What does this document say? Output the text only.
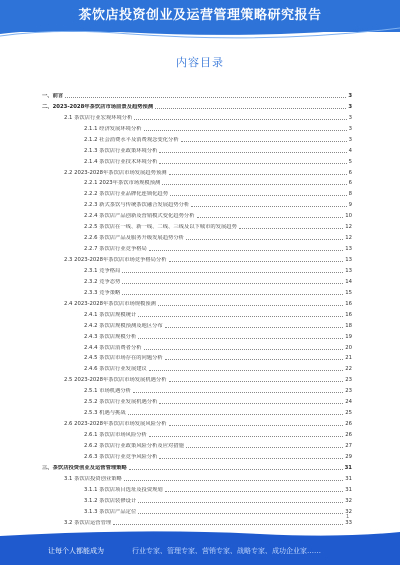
茶饮店投资创业及运营管理策略研究报告
内容目录
一、前言	3
二、2023-2028年茶饮店市场前景及趋势预测	3
2.1 茶饮店行业宏观环境分析	3
2.1.1 经济发展环境分析	3
2.1.2 社会消费水平及消费观念变化分析	3
2.1.3 茶饮店行业政策环境分析	4
2.1.4 茶饮店行业技术环境分析	5
2.2 2023-2028年茶饮店市场发展趋势预测	6
2.2.1 2023年茶饮市场规模预测	6
2.2.2 茶饮店行业品牌化连锁化趋势	8
2.2.3 新式茶饮与传统茶饮融合发展趋势分析	9
2.2.4 茶饮店产品创新及营销模式变化趋势分析	10
2.2.5 茶饮店在一线、新一线、二线、三线及以下城市的发展趋势	12
2.2.6 茶饮店产品及服务升级发展趋势分析	12
2.2.7 茶饮店行业竞争格局	13
2.3 2023-2028年茶饮店市场竞争格局分析	13
2.3.1 竞争格局	13
2.3.2 竞争态势	14
2.3.3 竞争策略	15
2.4 2023-2028年茶饮店市场规模预测	16
2.4.1 茶饮店规模统计	16
2.4.2 茶饮店规模预测及地区分布	18
2.4.3 茶饮店规模分析	19
2.4.4 茶饮店消费者分析	20
2.4.5 茶饮店市场存在的问题分析	21
2.4.6 茶饮店行业发展建议	22
2.5 2023-2028年茶饮店市场发展机遇分析	23
2.5.1 市场机遇分析	23
2.5.2 茶饮店行业发展机遇分析	24
2.5.3 机遇与挑战	25
2.6 2023-2028年茶饮店市场发展风险分析	26
2.6.1 茶饮店市场风险分析	26
2.6.2 茶饮店行业政策风险分析及应对措施	27
2.6.3 茶饮店行业竞争风险分析	29
三、茶饮店投资创业及运营管理策略	31
3.1 茶饮店投资创业策略	31
3.1.1 茶饮店项目选址及投资规划	31
3.1.2 茶饮店装修设计	32
3.1.3 茶饮店产品定位	32
3.2 茶饮店运营管理	33
1
让每个人都能成为	行业专家、管理专家、营销专家、战略专家、成功企业家……
